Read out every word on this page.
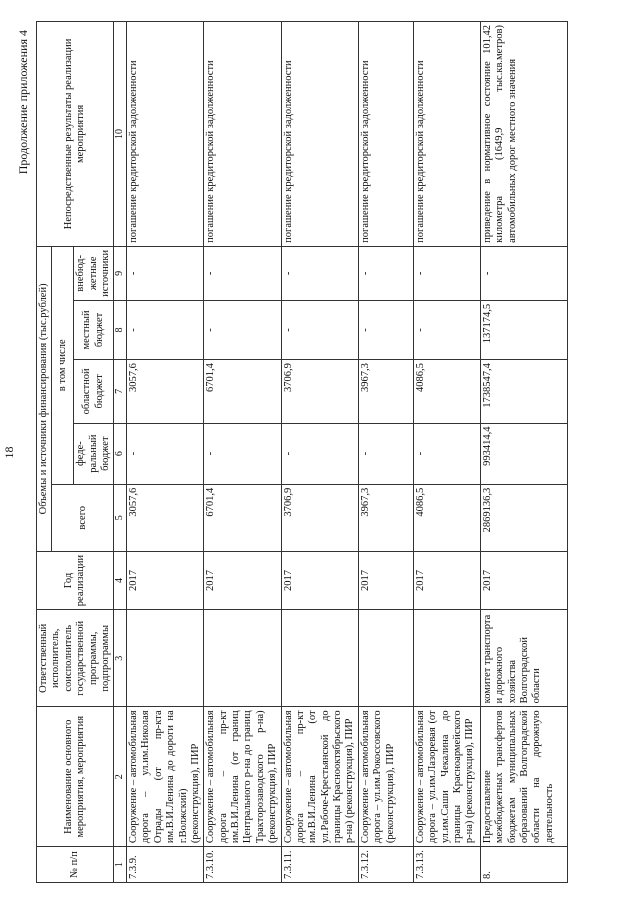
18
Продолжение приложения 4
№ п/п	Наименование основного мероприятия, мероприятия	Ответственный исполнитель, соисполнитель государственной программы, подпрограммы	Год реализации	Объемы и источники финансирования (тыс.рублей)					Непосредственные результаты реализации мероприятия
				всего	в том числе				
					феде-ральный бюджет	областной бюджет	местный бюджет	внебюд-жетные источники	
1	2	3	4	5	6	7	8	9	10
7.3.9.	Сооружение – автомобильная дорога – ул.им.Николая Отрады (от пр-кта им.В.И.Ленина до дороги на г.Волжский) (реконструкция), ПИР		2017	3057,6	-	3057,6	-	-	погашение кредиторской задолженности
7.3.10.	Сооружение – автомобильная дорога – пр-кт им.В.И.Ленина (от границ Центрального р-на до границ Тракторозаводского р-на) (реконструкция), ПИР		2017	6701,4	-	6701,4	-	-	погашение кредиторской задолженности
7.3.11.	Сооружение – автомобильная дорога – пр-кт им.В.И.Ленина (от ул.Рабоче-Крестьянской до границы Краснооктябрьского р-на) (реконструкция), ПИР		2017	3706,9	-	3706,9	-	-	погашение кредиторской задолженности
7.3.12.	Сооружение – автомобильная дорога – ул.им.Рокоссовского (реконструкция), ПИР		2017	3967,3	-	3967,3	-	-	погашение кредиторской задолженности
7.3.13.	Сооружение – автомобильная дорога – ул.им.Лазоревая (от ул.им.Саши Чекалина до границы Красноармейского р-на) (реконструкция), ПИР		2017	4086,5	-	4086,5	-	-	погашение кредиторской задолженности
8.	Предоставление межбюджетных трансфертов бюджетам муниципальных образований Волгоградской области на дорожную деятельность	комитет транспорта и дорожного хозяйства Волгоградской области	2017	2869136,3	993414,4	1738547,4	137174,5	-	приведение в нормативное состояние 101,42 километра (1649,9 тыс.кв.метров) автомобильных дорог местного значения
